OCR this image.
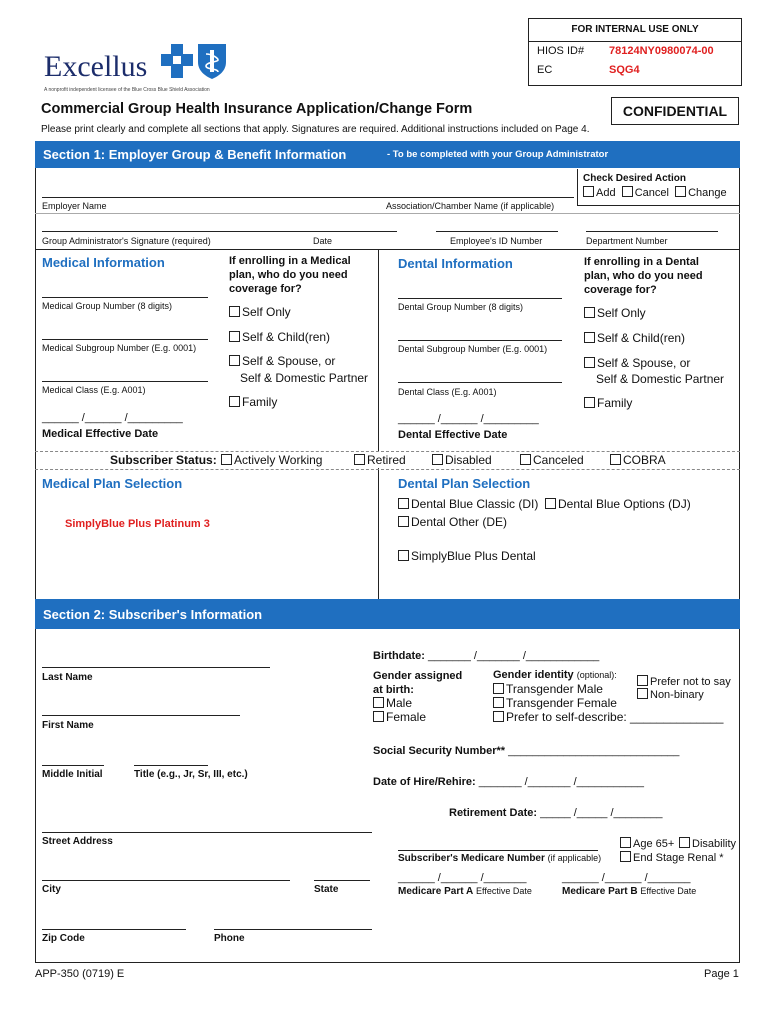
FOR INTERNAL USE ONLY
HIOS ID# 78124NY0980074-00
EC	SQG4
Excellus
A nonprofit independent licensee of the Blue Cross Blue Shield Association
Commercial Group Health Insurance Application/Change Form	CONFIDENTIAL
Please print clearly and complete all sections that apply. Signatures are required. Additional instructions included on Page 4.
Section 1: Employer Group & Benefit Information	- To be completed with your Group Administrator
Check Desired Action
Add Cancel Change
Employer Name	Association/Chamber Name (if applicable)
Group Administrator's Signature (required)	Date	Employee's ID Number	Department Number
Medical Information	If enrolling in a Medical plan, who do you need coverage for?
Medical Group Number (8 digits)
Medical Subgroup Number (E.g. 0001)
Medical Class (E.g. A001)
______ /______ /_________
Medical Effective Date
Self Only
Self & Child(ren)
Self & Spouse, or
Self & Domestic Partner
Family
Dental Information	If enrolling in a Dental plan, who do you need coverage for?
Dental Group Number (8 digits)
Dental Subgroup Number (E.g. 0001)
Dental Class (E.g. A001)
______ /______ /_________
Dental Effective Date
Self Only
Self & Child(ren)
Self & Spouse, or
Self & Domestic Partner
Family
Subscriber Status:	Actively Working	Retired	Disabled	Canceled	COBRA
Medical Plan Selection
SimplyBlue Plus Platinum 3
Dental Plan Selection
Dental Blue Classic (DI)	Dental Blue Options (DJ)
Dental Other (DE)
SimplyBlue Plus Dental
Section 2: Subscriber's Information
Last Name
First Name
Middle Initial	Title (e.g., Jr, Sr, III, etc.)
Birthdate: _______ /_______ /____________
Gender assigned at birth:
Male
Female
Gender identity (optional):
Prefer not to say
Non-binary
Transgender Male
Transgender Female
Prefer to self-describe: ______________
Social Security Number** ____________________________
Date of Hire/Rehire: _______ /_______ /___________
Retirement Date: _____ /_____ /________
Street Address	Age 65+	Disability
Subscriber's Medicare Number (if applicable)	End Stage Renal *
City	State
______ /______ /_______
Medicare Part A Effective Date
______ /______ /_______
Medicare Part B Effective Date
Zip Code	Phone
APP-350 (0719) E	Page 1
